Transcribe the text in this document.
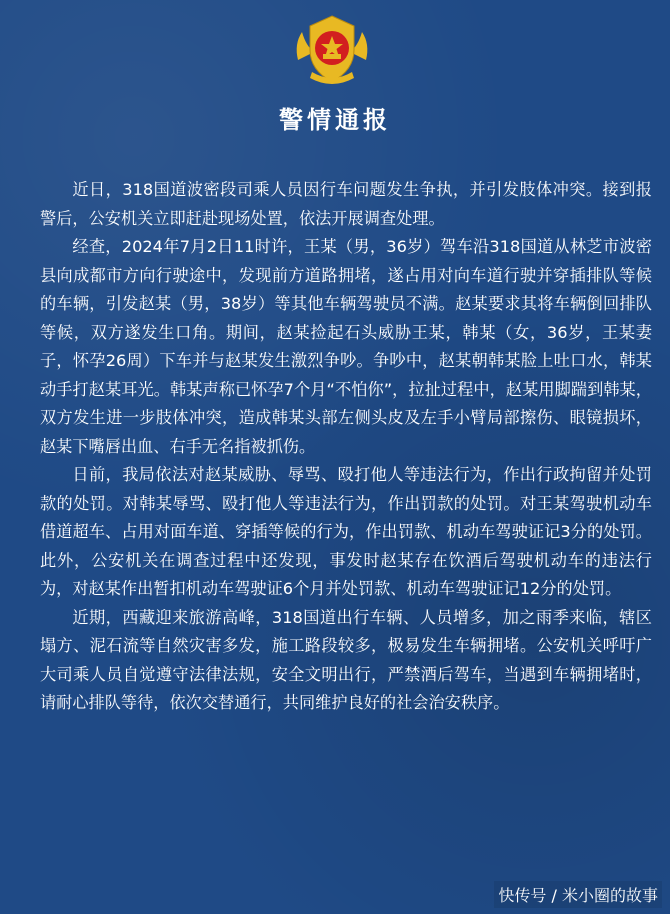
警情通报

近日，318国道波密段司乘人员因行车问题发生争执，并引发肢体冲突。接到报警后，公安机关立即赶赴现场处置，依法开展调查处理。

经查，2024年7月2日11时许，王某（男，36岁）驾车沿318国道从林芝市波密县向成都市方向行驶途中，发现前方道路拥堵，遂占用对向车道行驶并穿插排队等候的车辆，引发赵某（男，38岁）等其他车辆驾驶员不满。赵某要求其将车辆倒回排队等候，双方遂发生口角。期间，赵某捡起石头威胁王某，韩某（女，36岁，王某妻子，怀孕26周）下车并与赵某发生激烈争吵。争吵中，赵某朝韩某脸上吐口水，韩某动手打赵某耳光。韩某声称已怀孕7个月“不怕你”，拉扯过程中，赵某用脚踹到韩某，双方发生进一步肢体冲突，造成韩某头部左侧头皮及左手小臂局部擦伤、眼镜损坏，赵某下嘴唇出血、右手无名指被抓伤。

日前，我局依法对赵某威胁、辱骂、殴打他人等违法行为，作出行政拘留并处罚款的处罚。对韩某辱骂、殴打他人等违法行为，作出罚款的处罚。对王某驾驶机动车借道超车、占用对面车道、穿插等候的行为，作出罚款、机动车驾驶证记3分的处罚。此外，公安机关在调查过程中还发现，事发时赵某存在饮酒后驾驶机动车的违法行为，对赵某作出暂扣机动车驾驶证6个月并处罚款、机动车驾驶证记12分的处罚。

近期，西藏迎来旅游高峰，318国道出行车辆、人员增多，加之雨季来临，辖区塌方、泥石流等自然灾害多发，施工路段较多，极易发生车辆拥堵。公安机关呼吁广大司乘人员自觉遵守法律法规，安全文明出行，严禁酒后驾车，当遇到车辆拥堵时，请耐心排队等待，依次交替通行，共同维护良好的社会治安秩序。

快传号 / 米小圈的故事
